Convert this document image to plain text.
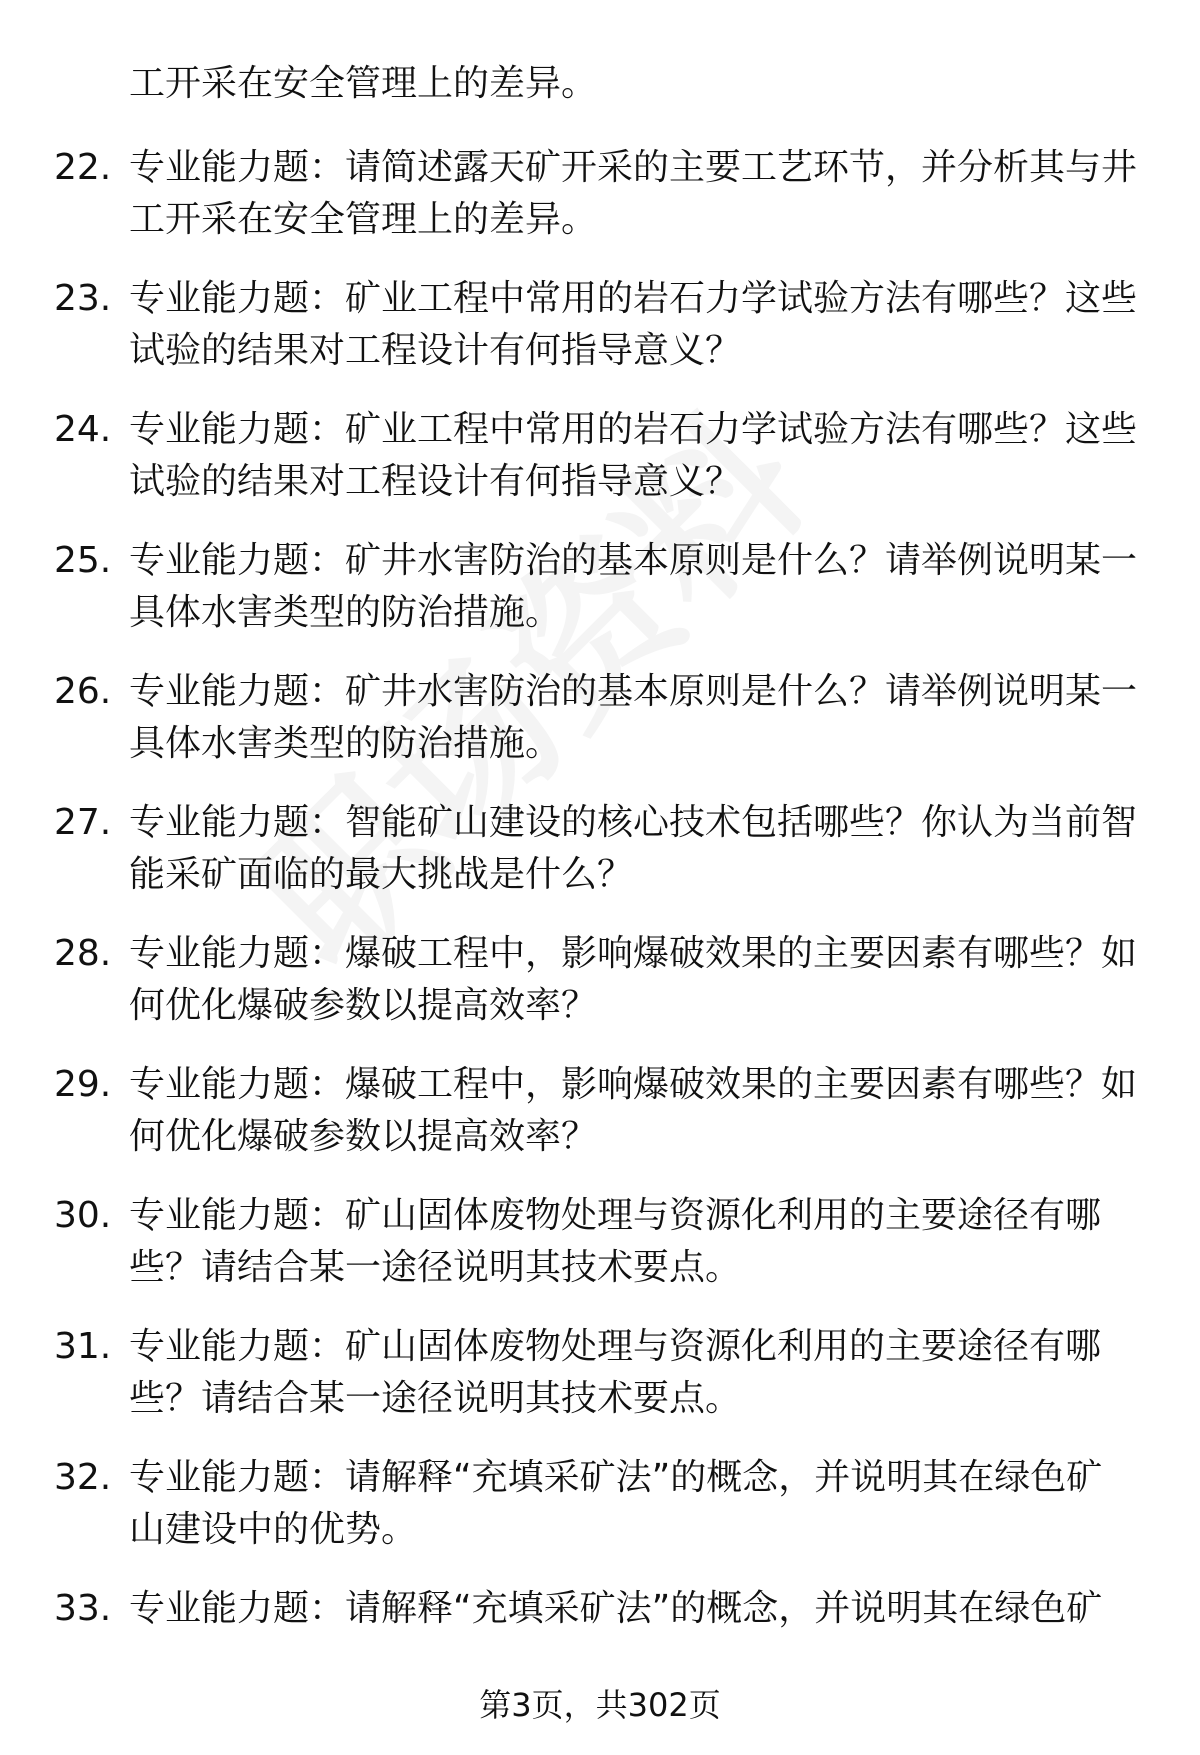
工开采在安全管理上的差异。
22. 专业能力题：请简述露天矿开采的主要工艺环节，并分析其与井
工开采在安全管理上的差异。
23. 专业能力题：矿业工程中常用的岩石力学试验方法有哪些？这些
试验的结果对工程设计有何指导意义？
24. 专业能力题：矿业工程中常用的岩石力学试验方法有哪些？这些
试验的结果对工程设计有何指导意义？
25. 专业能力题：矿井水害防治的基本原则是什么？请举例说明某一
具体水害类型的防治措施。
26. 专业能力题：矿井水害防治的基本原则是什么？请举例说明某一
具体水害类型的防治措施。
27. 专业能力题：智能矿山建设的核心技术包括哪些？你认为当前智
能采矿面临的最大挑战是什么？
28. 专业能力题：爆破工程中，影响爆破效果的主要因素有哪些？如
何优化爆破参数以提高效率？
29. 专业能力题：爆破工程中，影响爆破效果的主要因素有哪些？如
何优化爆破参数以提高效率？
30. 专业能力题：矿山固体废物处理与资源化利用的主要途径有哪
些？请结合某一途径说明其技术要点。
31. 专业能力题：矿山固体废物处理与资源化利用的主要途径有哪
些？请结合某一途径说明其技术要点。
32. 专业能力题：请解释“充填采矿法”的概念，并说明其在绿色矿
山建设中的优势。
33. 专业能力题：请解释“充填采矿法”的概念，并说明其在绿色矿
第3页，共302页
